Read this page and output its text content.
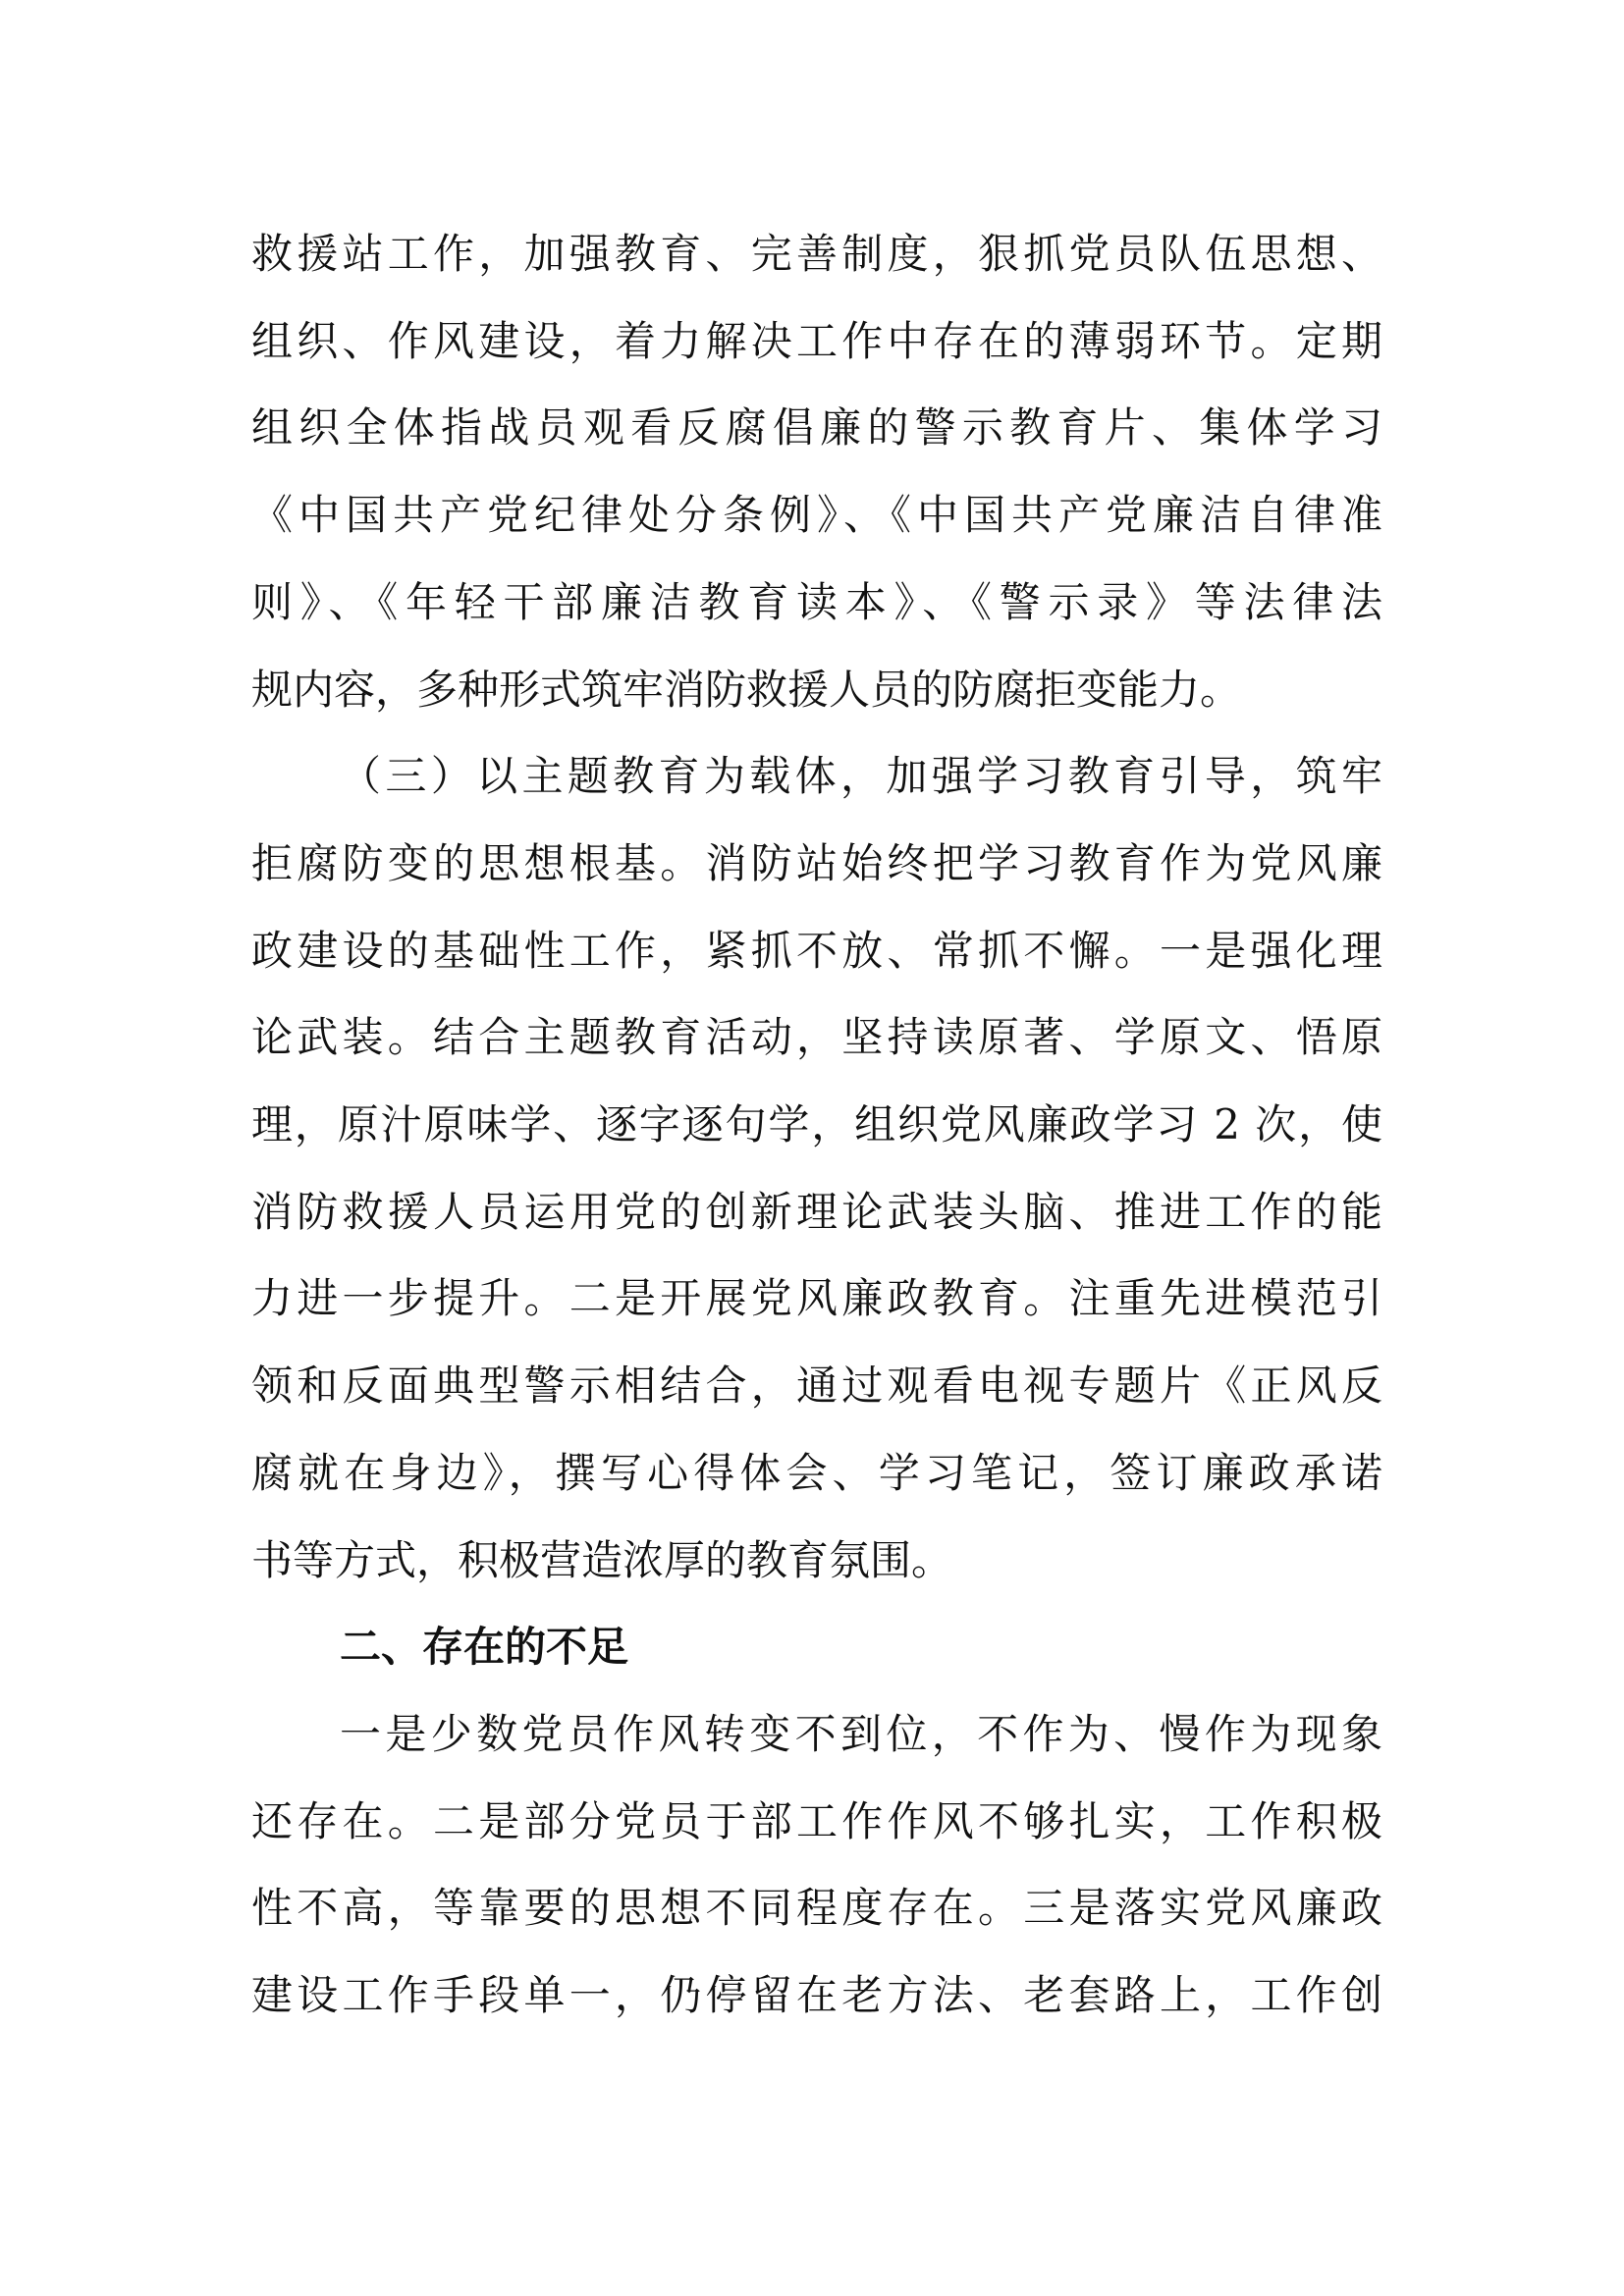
救援站工作，加强教育、完善制度，狠抓党员队伍思想、
组织、作风建设，着力解决工作中存在的薄弱环节。定期
组织全体指战员观看反腐倡廉的警示教育片、集体学习
《中国共产党纪律处分条例》、《中国共产党廉洁自律准
则》、《年轻干部廉洁教育读本》、《警示录》等法律法
规内容，多种形式筑牢消防救援人员的防腐拒变能力。
（三）以主题教育为载体，加强学习教育引导，筑牢
拒腐防变的思想根基。消防站始终把学习教育作为党风廉
政建设的基础性工作，紧抓不放、常抓不懈。一是强化理
论武装。结合主题教育活动，坚持读原著、学原文、悟原
理，原汁原味学、逐字逐句学，组织党风廉政学习 2 次，使
消防救援人员运用党的创新理论武装头脑、推进工作的能
力进一步提升。二是开展党风廉政教育。注重先进模范引
领和反面典型警示相结合，通过观看电视专题片《正风反
腐就在身边》，撰写心得体会、学习笔记，签订廉政承诺
书等方式，积极营造浓厚的教育氛围。
二、存在的不足
一是少数党员作风转变不到位，不作为、慢作为现象
还存在。二是部分党员于部工作作风不够扎实，工作积极
性不高，等靠要的思想不同程度存在。三是落实党风廉政
建设工作手段单一，仍停留在老方法、老套路上，工作创
